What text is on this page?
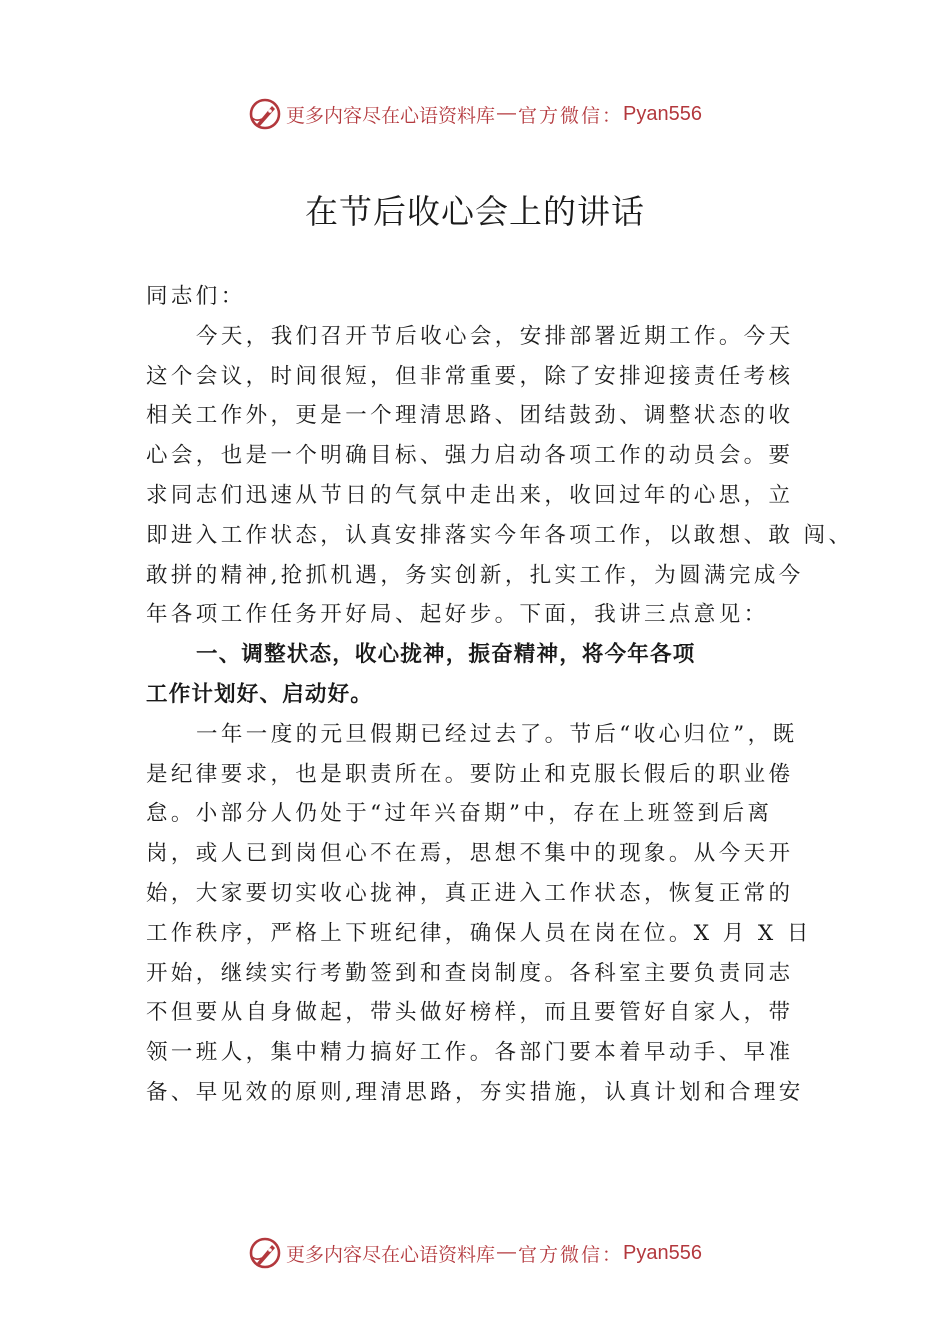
更多内容尽在心语资料库 — 官方微信： Pyan556
在节后收心会上的讲话
同志们：
今天，我们召开节后收心会，安排部署近期工作。今天
这个会议，时间很短，但非常重要，除了安排迎接责任考核
相关工作外，更是一个理清思路、团结鼓劲、调整状态的收
心会，也是一个明确目标、强力启动各项工作的动员会。要
求同志们迅速从节日的气氛中走出来，收回过年的心思，立
即进入工作状态，认真安排落实今年各项工作，以敢想、敢 闯、
敢拼的精神,抢抓机遇，务实创新，扎实工作，为圆满完成今
年各项工作任务开好局、起好步。下面，我讲三点意见：
一、调整状态，收心拢神，振奋精神，将今年各项
工作计划好、启动好。
一年一度的元旦假期已经过去了。节后“收心归位”，既
是纪律要求，也是职责所在。要防止和克服长假后的职业倦
怠。小部分人仍处于“过年兴奋期”中，存在上班签到后离
岗，或人已到岗但心不在焉，思想不集中的现象。从今天开
始，大家要切实收心拢神，真正进入工作状态，恢复正常的
工作秩序，严格上下班纪律，确保人员在岗在位。X 月 X 日
开始，继续实行考勤签到和查岗制度。各科室主要负责同志
不但要从自身做起，带头做好榜样，而且要管好自家人，带
领一班人，集中精力搞好工作。各部门要本着早动手、早准
备、早见效的原则,理清思路，夯实措施，认真计划和合理安
更多内容尽在心语资料库 — 官方微信： Pyan556
